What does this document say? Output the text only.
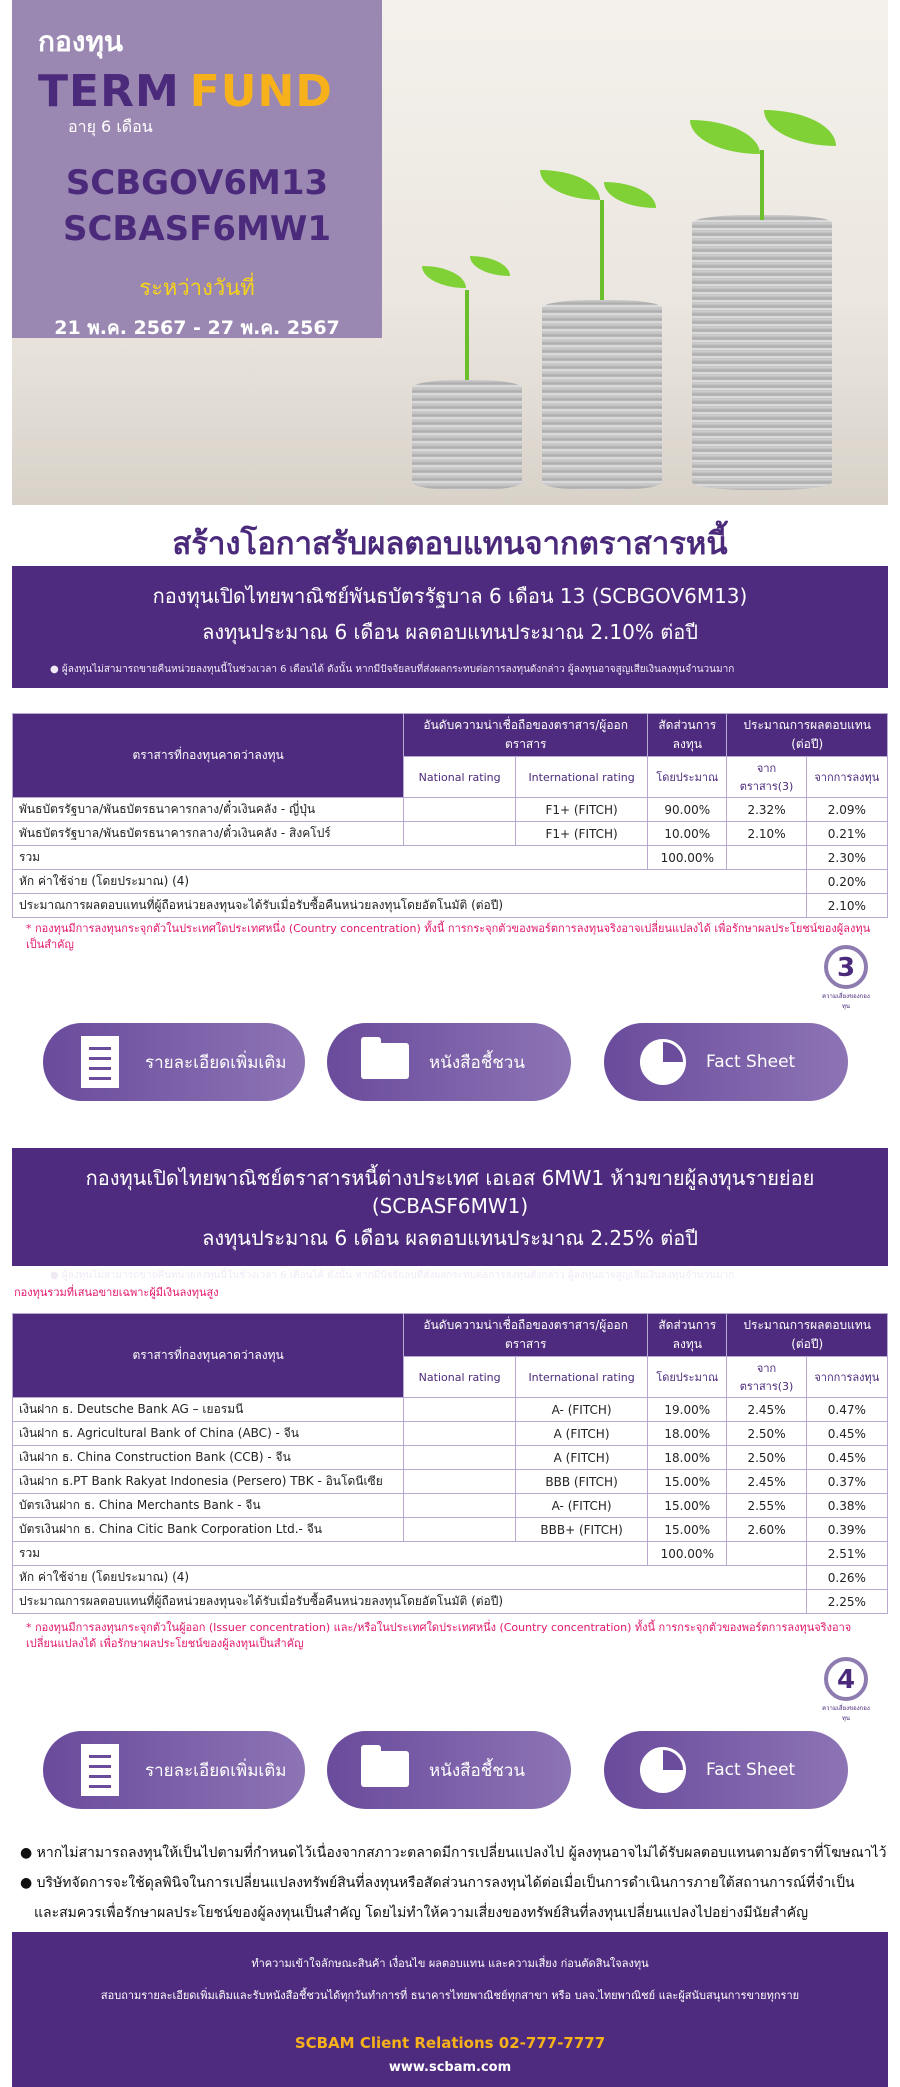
กองทุน
TERM FUND
อายุ 6 เดือน
SCBGOV6M13
SCBASF6MW1
ระหว่างวันที่
21 พ.ค. 2567 - 27 พ.ค. 2567
สร้างโอกาสรับผลตอบแทนจากตราสารหนี้
กองทุนเปิดไทยพาณิชย์พันธบัตรรัฐบาล 6 เดือน 13 (SCBGOV6M13)
ลงทุนประมาณ 6 เดือน ผลตอบแทนประมาณ 2.10% ต่อปี
● ผู้ลงทุนไม่สามารถขายคืนหน่วยลงทุนนี้ในช่วงเวลา 6 เดือนได้ ดังนั้น หากมีปัจจัยลบที่ส่งผลกระทบต่อการลงทุนดังกล่าว ผู้ลงทุนอาจสูญเสียเงินลงทุนจำนวนมาก
ตราสารที่กองทุนคาดว่าลงทุน	อันดับความน่าเชื่อถือของตราสาร/ผู้ออกตราสาร		สัดส่วนการลงทุน	ประมาณการผลตอบแทน (ต่อปี)	
	National rating	International rating	โดยประมาณ	จากตราสาร(3)	จากการลงทุน
พันธบัตรรัฐบาล/พันธบัตรธนาคารกลาง/ตั๋วเงินคลัง - ญี่ปุ่น		F1+ (FITCH)	90.00%	2.32%	2.09%
พันธบัตรรัฐบาล/พันธบัตรธนาคารกลาง/ตั๋วเงินคลัง - สิงคโปร์		F1+ (FITCH)	10.00%	2.10%	0.21%
รวม			100.00%		2.30%
หัก ค่าใช้จ่าย (โดยประมาณ) (4)					0.20%
ประมาณการผลตอบแทนที่ผู้ถือหน่วยลงทุนจะได้รับเมื่อรับซื้อคืนหน่วยลงทุนโดยอัตโนมัติ (ต่อปี)					2.10%
* กองทุนมีการลงทุนกระจุกตัวในประเทศใดประเทศหนึ่ง (Country concentration) ทั้งนี้ การกระจุกตัวของพอร์ตการลงทุนจริงอาจเปลี่ยนแปลงได้ เพื่อรักษาผลประโยชน์ของผู้ลงทุนเป็นสำคัญ
3
ความเสี่ยงของกองทุน
รายละเอียดเพิ่มเติม	หนังสือชี้ชวน	Fact Sheet
กองทุนเปิดไทยพาณิชย์ตราสารหนี้ต่างประเทศ เอเอส 6MW1 ห้ามขายผู้ลงทุนรายย่อย (SCBASF6MW1)
ลงทุนประมาณ 6 เดือน ผลตอบแทนประมาณ 2.25% ต่อปี
● ผู้ลงทุนไม่สามารถขายคืนหน่วยลงทุนนี้ในช่วงเวลา 6 เดือนได้ ดังนั้น หากมีปัจจัยลบที่ส่งผลกระทบต่อการลงทุนดังกล่าว ผู้ลงทุนอาจสูญเสียเงินลงทุนจำนวนมาก
กองทุนรวมที่เสนอขายเฉพาะผู้มีเงินลงทุนสูง
ตราสารที่กองทุนคาดว่าลงทุน	อันดับความน่าเชื่อถือของตราสาร/ผู้ออกตราสาร		สัดส่วนการลงทุน	ประมาณการผลตอบแทน (ต่อปี)	
	National rating	International rating	โดยประมาณ	จากตราสาร(3)	จากการลงทุน
เงินฝาก ธ. Deutsche Bank AG – เยอรมนี		A- (FITCH)	19.00%	2.45%	0.47%
เงินฝาก ธ. Agricultural Bank of China (ABC) - จีน		A (FITCH)	18.00%	2.50%	0.45%
เงินฝาก ธ. China Construction Bank (CCB) - จีน		A (FITCH)	18.00%	2.50%	0.45%
เงินฝาก ธ.PT Bank Rakyat Indonesia (Persero) TBK - อินโดนีเซีย		BBB (FITCH)	15.00%	2.45%	0.37%
บัตรเงินฝาก ธ. China Merchants Bank - จีน		A- (FITCH)	15.00%	2.55%	0.38%
บัตรเงินฝาก ธ. China Citic Bank Corporation Ltd.- จีน		BBB+ (FITCH)	15.00%	2.60%	0.39%
รวม			100.00%		2.51%
หัก ค่าใช้จ่าย (โดยประมาณ) (4)					0.26%
ประมาณการผลตอบแทนที่ผู้ถือหน่วยลงทุนจะได้รับเมื่อรับซื้อคืนหน่วยลงทุนโดยอัตโนมัติ (ต่อปี)					2.25%
* กองทุนมีการลงทุนกระจุกตัวในผู้ออก (Issuer concentration) และ/หรือในประเทศใดประเทศหนึ่ง (Country concentration) ทั้งนี้ การกระจุกตัวของพอร์ตการลงทุนจริงอาจเปลี่ยนแปลงได้ เพื่อรักษาผลประโยชน์ของผู้ลงทุนเป็นสำคัญ
4
ความเสี่ยงของกองทุน
รายละเอียดเพิ่มเติม	หนังสือชี้ชวน	Fact Sheet
● หากไม่สามารถลงทุนให้เป็นไปตามที่กำหนดไว้เนื่องจากสภาวะตลาดมีการเปลี่ยนแปลงไป ผู้ลงทุนอาจไม่ได้รับผลตอบแทนตามอัตราที่โฆษณาไว้
● บริษัทจัดการจะใช้ดุลพินิจในการเปลี่ยนแปลงทรัพย์สินที่ลงทุนหรือสัดส่วนการลงทุนได้ต่อเมื่อเป็นการดำเนินการภายใต้สถานการณ์ที่จำเป็น
และสมควรเพื่อรักษาผลประโยชน์ของผู้ลงทุนเป็นสำคัญ โดยไม่ทำให้ความเสี่ยงของทรัพย์สินที่ลงทุนเปลี่ยนแปลงไปอย่างมีนัยสำคัญ
ทำความเข้าใจลักษณะสินค้า เงื่อนไข ผลตอบแทน และความเสี่ยง ก่อนตัดสินใจลงทุน
สอบถามรายละเอียดเพิ่มเติมและรับหนังสือชี้ชวนได้ทุกวันทำการที่ ธนาคารไทยพาณิชย์ทุกสาขา หรือ บลจ.ไทยพาณิชย์ และผู้สนับสนุนการขายทุกราย
SCBAM Client Relations 02-777-7777
www.scbam.com
